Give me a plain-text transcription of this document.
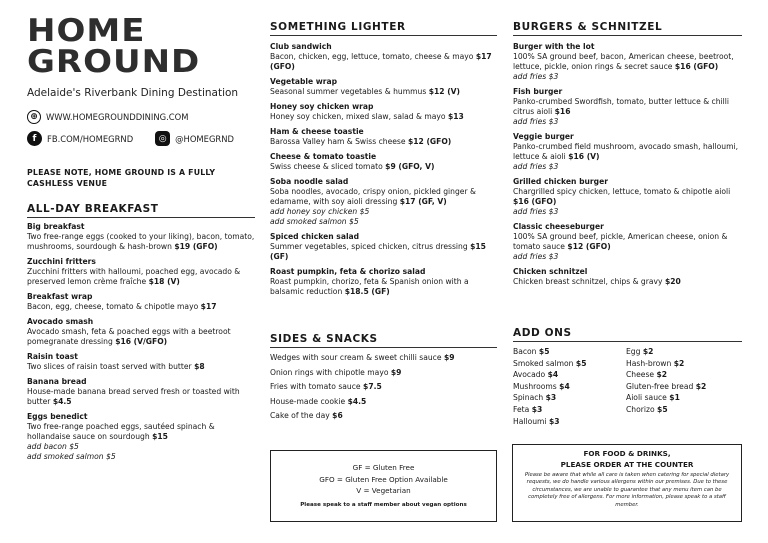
HOME
GROUND
Adelaide's Riverbank Dining Destination
⊕ WWW.HOMEGROUNDDINING.COM
f	FB.COM/HOMEGRND	◎	@HOMEGRND
PLEASE NOTE, HOME GROUND IS A FULLY CASHLESS VENUE
ALL-DAY BREAKFAST
Big breakfast
Two free-range eggs (cooked to your liking), bacon, tomato, mushrooms, sourdough & hash-brown $19 (GFO)
Zucchini fritters
Zucchini fritters with halloumi, poached egg, avocado & preserved lemon crème fraîche $18 (V)
Breakfast wrap
Bacon, egg, cheese, tomato & chipotle mayo $17
Avocado smash
Avocado smash, feta & poached eggs with a beetroot pomegranate dressing $16 (V/GFO)
Raisin toast
Two slices of raisin toast served with butter $8
Banana bread
House-made banana bread served fresh or toasted with butter $4.5
Eggs benedict
Two free-range poached eggs, sautéed spinach & hollandaise sauce on sourdough $15
add bacon $5
add smoked salmon $5
SOMETHING LIGHTER
Club sandwich
Bacon, chicken, egg, lettuce, tomato, cheese & mayo $17 (GFO)
Vegetable wrap
Seasonal summer vegetables & hummus $12 (V)
Honey soy chicken wrap
Honey soy chicken, mixed slaw, salad & mayo $13
Ham & cheese toastie
Barossa Valley ham & Swiss cheese $12 (GFO)
Cheese & tomato toastie
Swiss cheese & sliced tomato $9 (GFO, V)
Soba noodle salad
Soba noodles, avocado, crispy onion, pickled ginger & edamame, with soy aioli dressing $17 (GF, V)
add honey soy chicken $5
add smoked salmon $5
Spiced chicken salad
Summer vegetables, spiced chicken, citrus dressing $15 (GF)
Roast pumpkin, feta & chorizo salad
Roast pumpkin, chorizo, feta & Spanish onion with a balsamic reduction $18.5 (GF)
SIDES & SNACKS
Wedges with sour cream & sweet chilli sauce $9
Onion rings with chipotle mayo $9
Fries with tomato sauce $7.5
House-made cookie $4.5
Cake of the day $6
GF = Gluten Free
GFO = Gluten Free Option Available
V = Vegetarian
Please speak to a staff member about vegan options
BURGERS & SCHNITZEL
Burger with the lot
100% SA ground beef, bacon, American cheese, beetroot, lettuce, pickle, onion rings & secret sauce $16 (GFO)
add fries $3
Fish burger
Panko-crumbed Swordfish, tomato, butter lettuce & chilli citrus aioli $16
add fries $3
Veggie burger
Panko-crumbed field mushroom, avocado smash, halloumi, lettuce & aioli $16 (V)
add fries $3
Grilled chicken burger
Chargrilled spicy chicken, lettuce, tomato & chipotle aioli $16 (GFO)
add fries $3
Classic cheeseburger
100% SA ground beef, pickle, American cheese, onion & tomato sauce $12 (GFO)
add fries $3
Chicken schnitzel
Chicken breast schnitzel, chips & gravy $20
ADD ONS
Bacon $5
Smoked salmon $5
Avocado $4
Mushrooms $4
Spinach $3
Feta $3
Halloumi $3
Egg $2
Hash-brown $2
Cheese $2
Gluten-free bread $2
Aioli sauce $1
Chorizo $5
FOR FOOD & DRINKS,
PLEASE ORDER AT THE COUNTER
Please be aware that while all care is taken when catering for special dietary requests, we do handle various allergens within our premises. Due to these circumstances, we are unable to guarantee that any menu item can be completely free of allergens. For more information, please speak to a staff member.
